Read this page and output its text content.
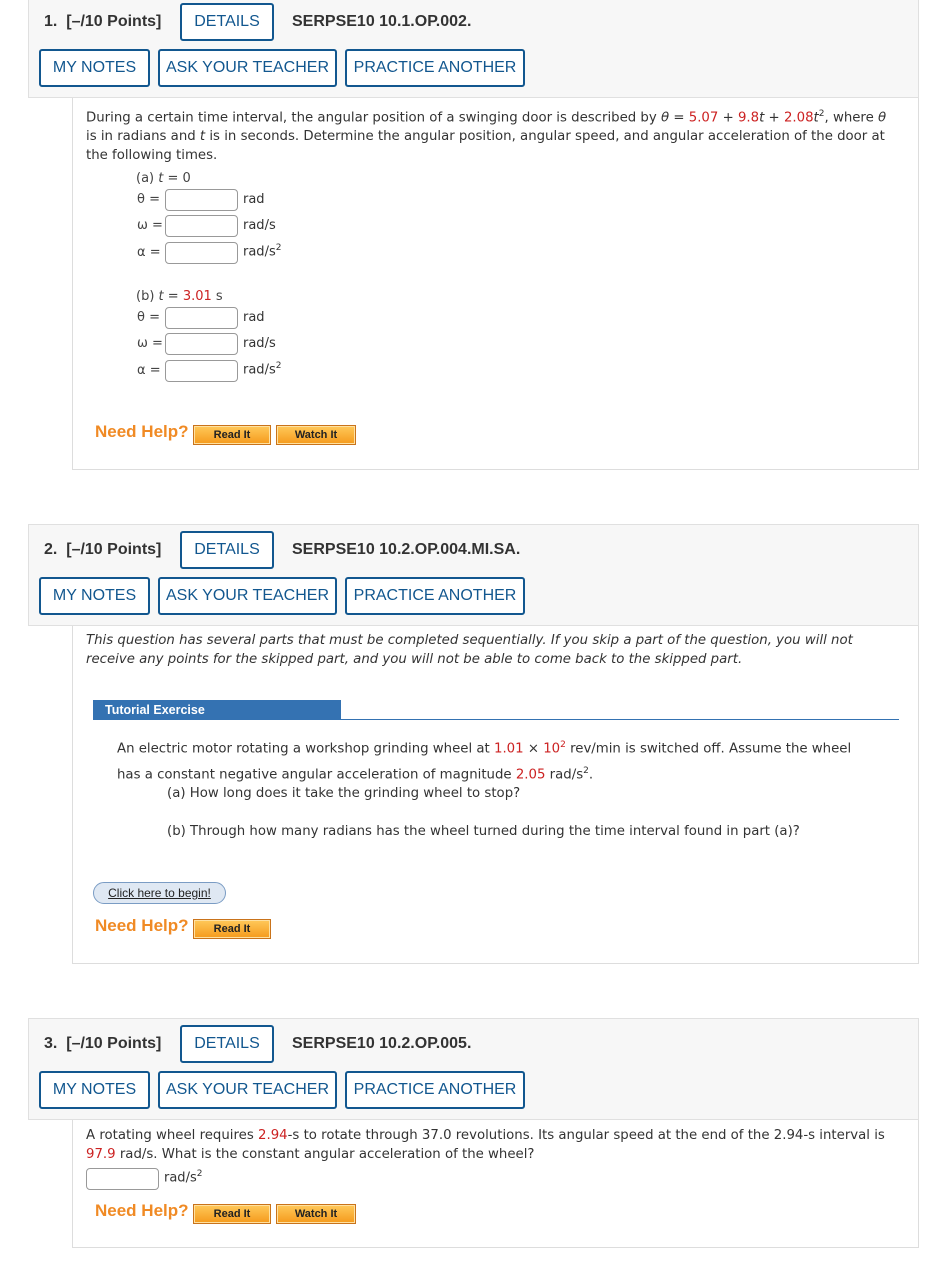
1. [–/10 Points]	DETAILS	SERPSE10 10.1.OP.002.
MY NOTES	ASK YOUR TEACHER	PRACTICE ANOTHER
During a certain time interval, the angular position of a swinging door is described by $\theta = 5.07 + 9.8t + 2.08t^2$, where θ is in radians and t is in seconds. Determine the angular position, angular speed, and angular acceleration of the door at the following times.
(a) t = 0
θ =	rad
ω =	rad/s
α =	rad/$s^2$
(b) t = 3.01 s
θ =	rad
ω =	rad/s
α =	rad/$s^2$
Need Help?	Read It	Watch It
2. [–/10 Points]	DETAILS	SERPSE10 10.2.OP.004.MI.SA.
MY NOTES	ASK YOUR TEACHER	PRACTICE ANOTHER
This question has several parts that must be completed sequentially. If you skip a part of the question, you will not receive any points for the skipped part, and you will not be able to come back to the skipped part.
Tutorial Exercise
An electric motor rotating a workshop grinding wheel at $1.01 \times 10^2$ rev/min is switched off. Assume the wheel has a constant negative angular acceleration of magnitude 2.05 rad/$s^2$.
(a) How long does it take the grinding wheel to stop?
(b) Through how many radians has the wheel turned during the time interval found in part (a)?
Click here to begin!
Need Help?	Read It
3. [–/10 Points]	DETAILS	SERPSE10 10.2.OP.005.
MY NOTES	ASK YOUR TEACHER	PRACTICE ANOTHER
A rotating wheel requires 2.94-s to rotate through 37.0 revolutions. Its angular speed at the end of the 2.94-s interval is 97.9 rad/s. What is the constant angular acceleration of the wheel?
rad/$s^2$
Need Help?	Read It	Watch It
